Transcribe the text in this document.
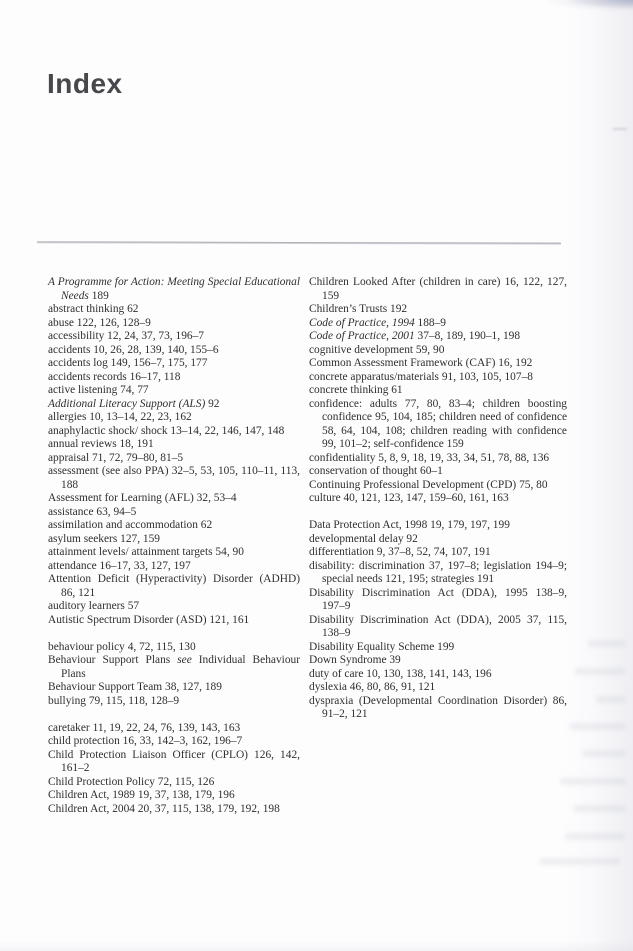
Index

A Programme for Action: Meeting Special Educational Needs 189

abstract thinking 62

abuse 122, 126, 128–9

accessibility 12, 24, 37, 73, 196–7

accidents 10, 26, 28, 139, 140, 155–6

accidents log 149, 156–7, 175, 177

accidents records 16–17, 118

active listening 74, 77

Additional Literacy Support (ALS) 92

allergies 10, 13–14, 22, 23, 162

anaphylactic shock/ shock 13–14, 22, 146, 147, 148

annual reviews 18, 191

appraisal 71, 72, 79–80, 81–5

assessment (see also PPA) 32–5, 53, 105, 110–11, 113, 188

Assessment for Learning (AFL) 32, 53–4

assistance 63, 94–5

assimilation and accommodation 62

asylum seekers 127, 159

attainment levels/ attainment targets 54, 90

attendance 16–17, 33, 127, 197

Attention Deficit (Hyperactivity) Disorder (ADHD) 86, 121

auditory learners 57

Autistic Spectrum Disorder (ASD) 121, 161

behaviour policy 4, 72, 115, 130

Behaviour Support Plans see Individual Behaviour Plans

Behaviour Support Team 38, 127, 189

bullying 79, 115, 118, 128–9

caretaker 11, 19, 22, 24, 76, 139, 143, 163

child protection 16, 33, 142–3, 162, 196–7

Child Protection Liaison Officer (CPLO) 126, 142, 161–2

Child Protection Policy 72, 115, 126

Children Act, 1989 19, 37, 138, 179, 196

Children Act, 2004 20, 37, 115, 138, 179, 192, 198

Children Looked After (children in care) 16, 122, 127, 159

Children’s Trusts 192

Code of Practice, 1994 188–9

Code of Practice, 2001 37–8, 189, 190–1, 198

cognitive development 59, 90

Common Assessment Framework (CAF) 16, 192

concrete apparatus/materials 91, 103, 105, 107–8

concrete thinking 61

confidence: adults 77, 80, 83–4; children boosting confidence 95, 104, 185; children need of confidence 58, 64, 104, 108; children reading with confidence 99, 101–2; self-confidence 159

confidentiality 5, 8, 9, 18, 19, 33, 34, 51, 78, 88, 136

conservation of thought 60–1

Continuing Professional Development (CPD) 75, 80

culture 40, 121, 123, 147, 159–60, 161, 163

Data Protection Act, 1998 19, 179, 197, 199

developmental delay 92

differentiation 9, 37–8, 52, 74, 107, 191

disability: discrimination 37, 197–8; legislation 194–9; special needs 121, 195; strategies 191

Disability Discrimination Act (DDA), 1995 138–9, 197–9

Disability Discrimination Act (DDA), 2005 37, 115, 138–9

Disability Equality Scheme 199

Down Syndrome 39

duty of care 10, 130, 138, 141, 143, 196

dyslexia 46, 80, 86, 91, 121

dyspraxia (Developmental Coordination Disorder) 86, 91–2, 121
